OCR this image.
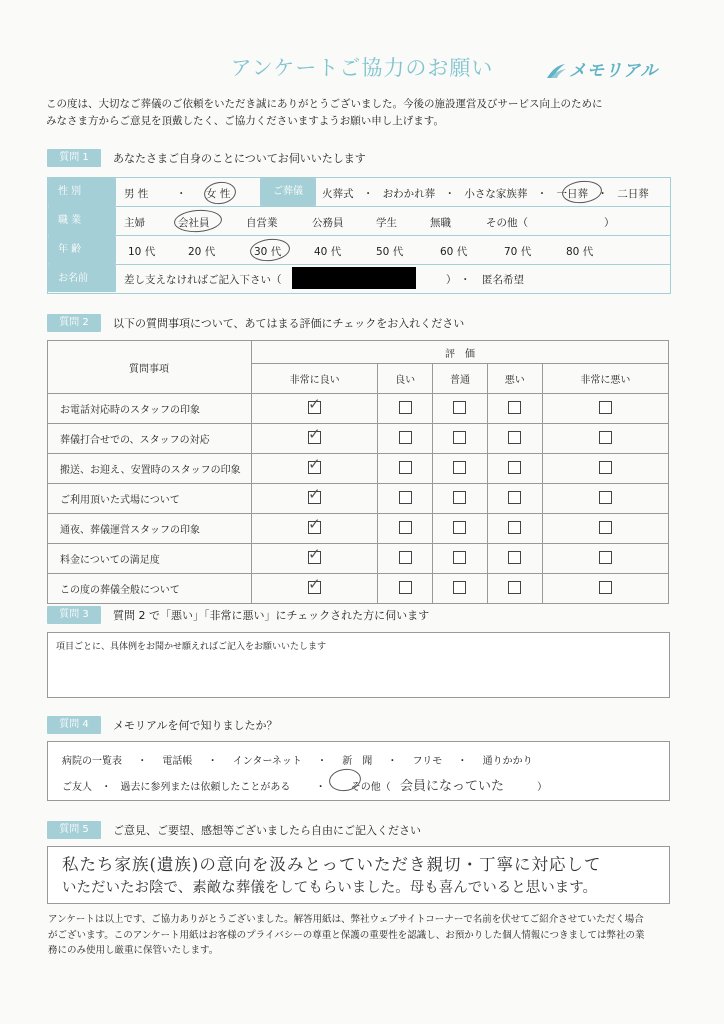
アンケートご協力のお願い	メモリアル
この度は、大切なご葬儀のご依頼をいただき誠にありがとうございました。今後の施設運営及びサービス向上のために
みなさま方からご意見を頂戴したく、ご協力くださいますようお願い申し上げます。
質問 1	あなたさまご自身のことについてお伺いいたします
性 別	男 性	・ 女 性	ご葬儀	火葬式 ・ おわかれ葬 ・ 小さな家族葬 ・ 一日葬 ・ 二日葬
職 業	主婦	会社員	自営業	公務員	学生	無職	その他（	）
年 齢	10 代	20 代	30 代	40 代	50 代	60 代	70 代	80 代
お名前	差し支えなければご記入下さい（	） ・ 匿名希望
質問 2	以下の質問事項について、あてはまる評価にチェックをお入れください
質問事項	評　価				
	非常に良い	良い	普通	悪い	非常に悪い
お電話対応時のスタッフの印象	✓				

葬儀打合せでの、スタッフの対応	✓				

搬送、お迎え、安置時のスタッフの印象	✓				

ご利用頂いた式場について	✓				

通夜、葬儀運営スタッフの印象	✓				

料金についての満足度	✓				

この度の葬儀全般について	✓				

質問 3	質問 2 で「悪い」「非常に悪い」にチェックされた方に伺います
項目ごとに、具体例をお聞かせ願えればご記入をお願いいたします
質問 4	メモリアルを何で知りましたか？
病院の一覧表 ・ 電話帳 ・ インターネット ・ 新　聞 ・ フリモ ・ 通りかかり
ご友人 ・ 過去に参列または依頼したことがある	・	その他（ 会員になっていた	）
質問 5	ご意見、ご要望、感想等ございましたら自由にご記入ください
私たち家族(遺族)の意向を汲みとっていただき親切・丁寧に対応して
いただいたお陰で、素敵な葬儀をしてもらいました。母も喜んでいると思います。
アンケートは以上です、ご協力ありがとうございました。解答用紙は、弊社ウェブサイトコーナーで名前を伏せてご紹介させていただく場合
がございます。このアンケート用紙はお客様のプライバシーの尊重と保護の重要性を認識し、お預かりした個人情報につきましては弊社の業
務にのみ使用し厳重に保管いたします。
